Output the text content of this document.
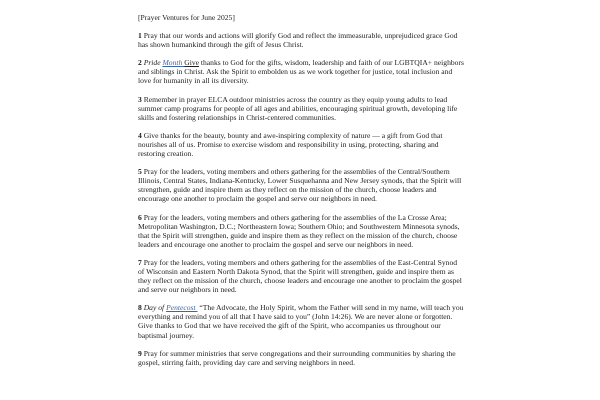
[Prayer Ventures for June 2025]

1 Pray that our words and actions will glorify God and reflect the immeasurable, unprejudiced grace God has shown humankind through the gift of Jesus Christ.

2 Pride Month Give thanks to God for the gifts, wisdom, leadership and faith of our LGBTQIA+ neighbors and siblings in Christ. Ask the Spirit to embolden us as we work together for justice, total inclusion and love for humanity in all its diversity.

3 Remember in prayer ELCA outdoor ministries across the country as they equip young adults to lead summer camp programs for people of all ages and abilities, encouraging spiritual growth, developing life skills and fostering relationships in Christ-centered communities.

4 Give thanks for the beauty, bounty and awe-inspiring complexity of nature — a gift from God that nourishes all of us. Promise to exercise wisdom and responsibility in using, protecting, sharing and restoring creation.

5 Pray for the leaders, voting members and others gathering for the assemblies of the Central/Southern Illinois, Central States, Indiana-Kentucky, Lower Susquehanna and New Jersey synods, that the Spirit will strengthen, guide and inspire them as they reflect on the mission of the church, choose leaders and encourage one another to proclaim the gospel and serve our neighbors in need.

6 Pray for the leaders, voting members and others gathering for the assemblies of the La Crosse Area; Metropolitan Washington, D.C.; Northeastern Iowa; Southern Ohio; and Southwestern Minnesota synods, that the Spirit will strengthen, guide and inspire them as they reflect on the mission of the church, choose leaders and encourage one another to proclaim the gospel and serve our neighbors in need.

7 Pray for the leaders, voting members and others gathering for the assemblies of the East-Central Synod of Wisconsin and Eastern North Dakota Synod, that the Spirit will strengthen, guide and inspire them as they reflect on the mission of the church, choose leaders and encourage one another to proclaim the gospel and serve our neighbors in need.

8 Day of Pentecost  “The Advocate, the Holy Spirit, whom the Father will send in my name, will teach you everything and remind you of all that I have said to you” (John 14:26). We are never alone or forgotten. Give thanks to God that we have received the gift of the Spirit, who accompanies us throughout our baptismal journey.

9 Pray for summer ministries that serve congregations and their surrounding communities by sharing the gospel, stirring faith, providing day care and serving neighbors in need.
